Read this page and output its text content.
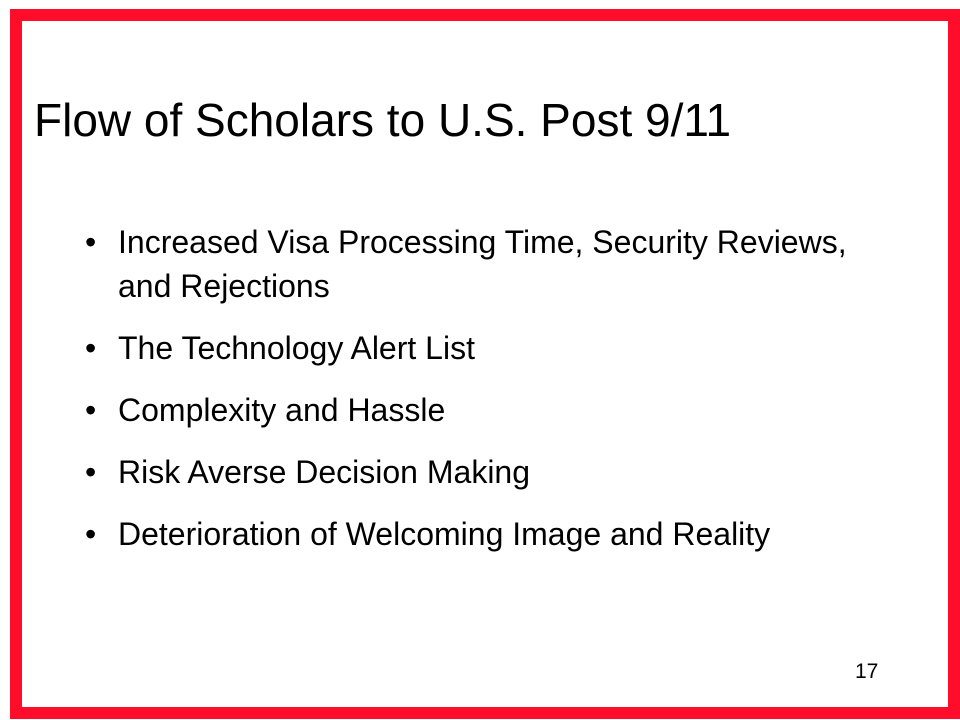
Flow of Scholars to U.S. Post 9/11
• Increased Visa Processing Time, Security Reviews, and Rejections
• The Technology Alert List
• Complexity and Hassle
• Risk Averse Decision Making
• Deterioration of Welcoming Image and Reality
17
